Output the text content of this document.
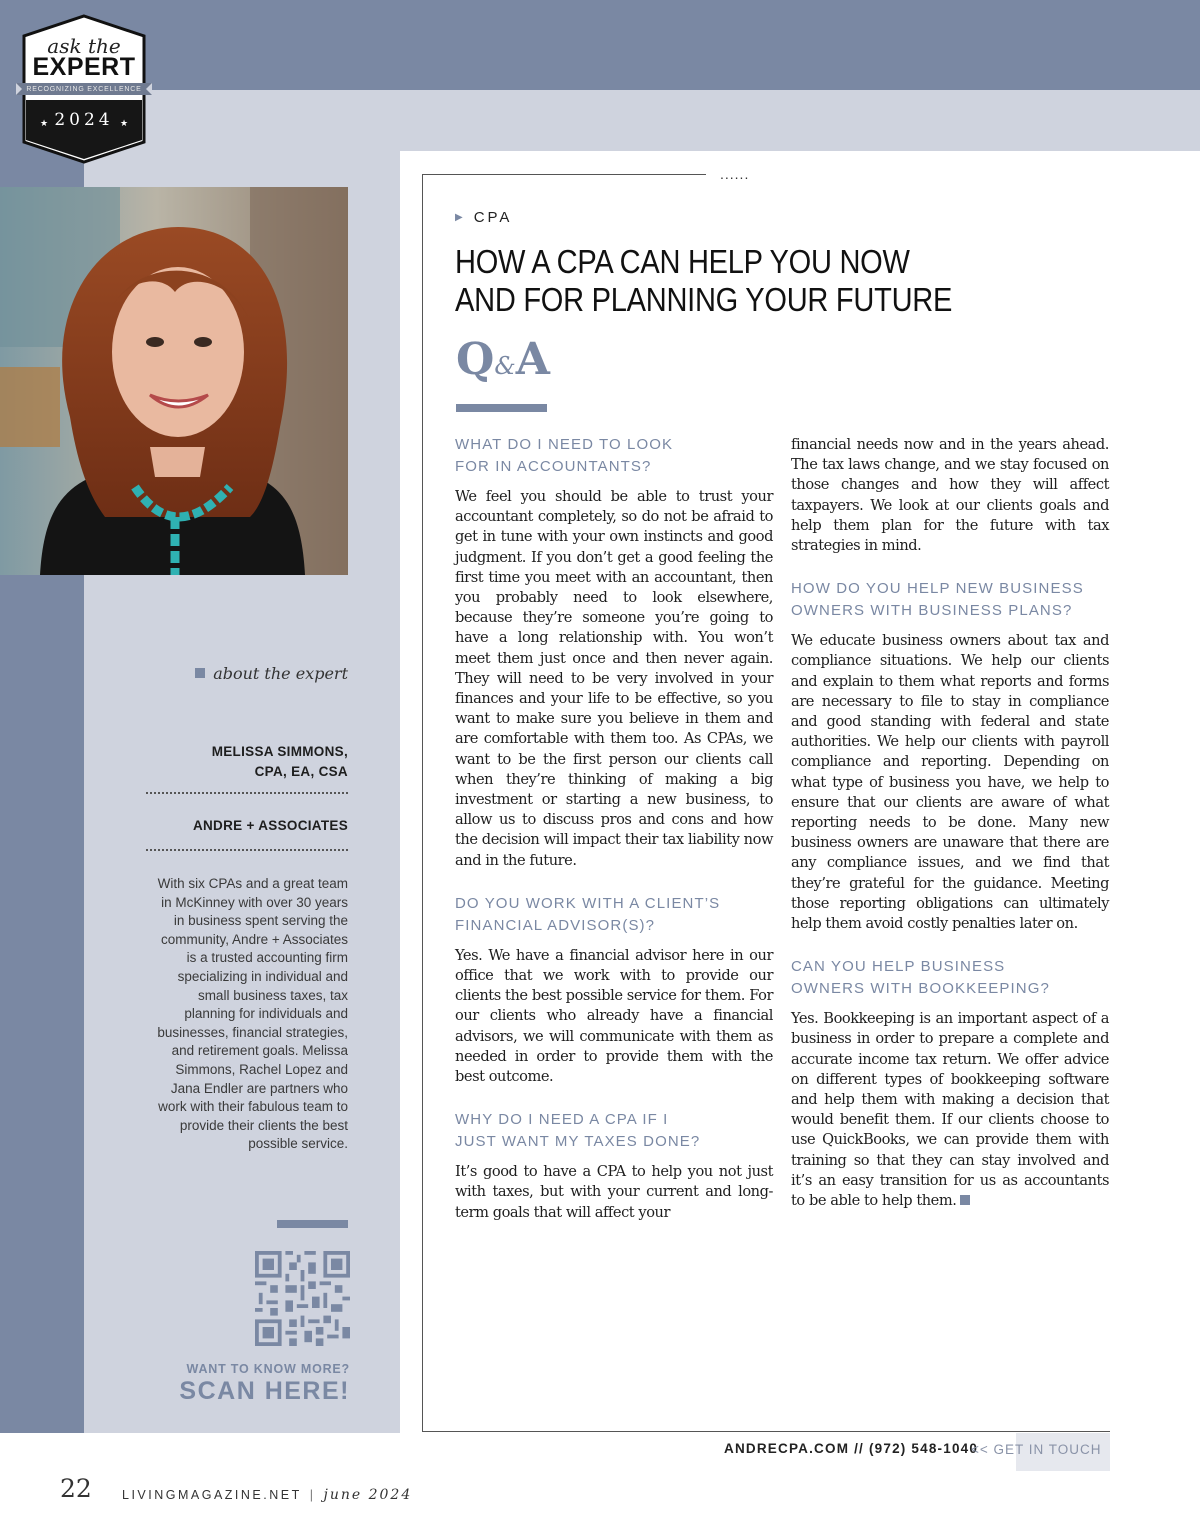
★	★
ask the
EXPERT
RECOGNIZING EXCELLENCE
2024
about the expert
MELISSA SIMMONS,
CPA, EA, CSA
ANDRE + ASSOCIATES
With six CPAs and a great team in McKinney with over 30 years in business spent serving the community, Andre + Associates is a trusted accounting firm specializing in individual and small business taxes, tax planning for individuals and businesses, financial strategies, and retirement goals. Melissa Simmons, Rachel Lopez and Jana Endler are partners who work with their fabulous team to provide their clients the best possible service.
WANT TO KNOW MORE?
SCAN HERE!
......
▶ CPA
HOW A CPA CAN HELP YOU NOW
AND FOR PLANNING YOUR FUTURE
Q&A
WHAT DO I NEED TO LOOK
FOR IN ACCOUNTANTS?

We feel you should be able to trust your accountant completely, so do not be afraid to get in tune with your own instincts and good judgment. If you don’t get a good feeling the first time you meet with an accountant, then you probably need to look elsewhere, because they’re someone you’re going to have a long relationship with. You won’t meet them just once and then never again. They will need to be very involved in your finances and your life to be effective, so you want to make sure you believe in them and are comfortable with them too. As CPAs, we want to be the first person our clients call when they’re thinking of making a big investment or starting a new business, to allow us to discuss pros and cons and how the decision will impact their tax liability now and in the future.

DO YOU WORK WITH A CLIENT’S
FINANCIAL ADVISOR(S)?

Yes. We have a financial advisor here in our office that we work with to provide our clients the best possible service for them. For our clients who already have a financial advisors, we will communicate with them as needed in order to provide them with the best outcome.

WHY DO I NEED A CPA IF I
JUST WANT MY TAXES DONE?

It’s good to have a CPA to help you not just with taxes, but with your current and long-term goals that will affect your

financial needs now and in the years ahead. The tax laws change, and we stay focused on those changes and how they will affect taxpayers. We look at our clients goals and help them plan for the future with tax strategies in mind.

HOW DO YOU HELP NEW BUSINESS
OWNERS WITH BUSINESS PLANS?

We educate business owners about tax and compliance situations. We help our clients and explain to them what reports and forms are necessary to file to stay in compliance and good standing with federal and state authorities. We help our clients with payroll compliance and reporting. Depending on what type of business you have, we help to ensure that our clients are aware of what reporting needs to be done. Many new business owners are unaware that there are any compliance issues, and we find that they’re grateful for the guidance. Meeting those reporting obligations can ultimately help them avoid costly penalties later on.

CAN YOU HELP BUSINESS
OWNERS WITH BOOKKEEPING?

Yes. Bookkeeping is an important aspect of a business in order to prepare a complete and accurate income tax return. We offer advice on different types of bookkeeping software and help them with making a decision that would benefit them. If our clients choose to use QuickBooks, we can provide them with training so that they can stay involved and it’s an easy transition for us as accountants to be able to help them.

ANDRECPA.COM // (972) 548-1040
<< GET IN TOUCH
22 LIVINGMAGAZINE.NET | june 2024
